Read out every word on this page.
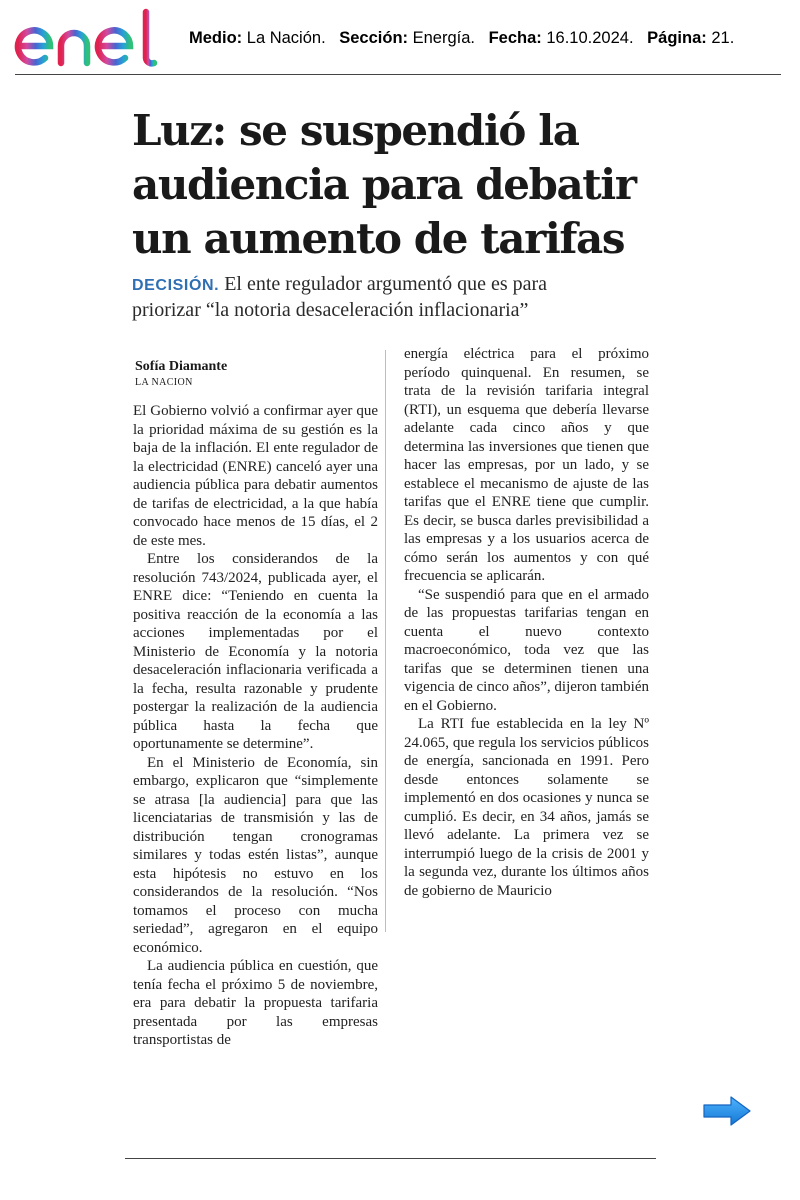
Medio: La Nación. Sección: Energía. Fecha: 16.10.2024. Página: 21.
Luz: se suspendió la
audiencia para debatir
un aumento de tarifas
DECISIÓN. El ente regulador argumentó que es para
priorizar “la notoria desaceleración inflacionaria”
Sofía Diamante
LA NACION

El Gobierno volvió a confirmar ayer que la prioridad máxima de su gestión es la baja de la inflación. El ente regulador de la electricidad (ENRE) canceló ayer una audiencia pública para debatir aumentos de tarifas de electricidad, a la que había convocado hace menos de 15 días, el 2 de este mes.

Entre los considerandos de la resolución 743/2024, publicada ayer, el ENRE dice: “Teniendo en cuenta la positiva reacción de la economía a las acciones implementadas por el Ministerio de Economía y la notoria desaceleración inflacionaria verificada a la fecha, resulta razonable y prudente postergar la realización de la audiencia pública hasta la fecha que oportunamente se determine”.

En el Ministerio de Economía, sin embargo, explicaron que “simplemente se atrasa [la audiencia] para que las licenciatarias de transmisión y las de distribución tengan cronogramas similares y todas estén listas”, aunque esta hipótesis no estuvo en los considerandos de la resolución. “Nos tomamos el proceso con mucha seriedad”, agregaron en el equipo económico.

La audiencia pública en cuestión, que tenía fecha el próximo 5 de noviembre, era para debatir la propuesta tarifaria presentada por las empresas transportistas de

energía eléctrica para el próximo período quinquenal. En resumen, se trata de la revisión tarifaria integral (RTI), un esquema que debería llevarse adelante cada cinco años y que determina las inversiones que tienen que hacer las empresas, por un lado, y se establece el mecanismo de ajuste de las tarifas que el ENRE tiene que cumplir. Es decir, se busca darles previsibilidad a las empresas y a los usuarios acerca de cómo serán los aumentos y con qué frecuencia se aplicarán.

“Se suspendió para que en el armado de las propuestas tarifarias tengan en cuenta el nuevo contexto macroeconómico, toda vez que las tarifas que se determinen tienen una vigencia de cinco años”, dijeron también en el Gobierno.

La RTI fue establecida en la ley Nº 24.065, que regula los servicios públicos de energía, sancionada en 1991. Pero desde entonces solamente se implementó en dos ocasiones y nunca se cumplió. Es decir, en 34 años, jamás se llevó adelante. La primera vez se interrumpió luego de la crisis de 2001 y la segunda vez, durante los últimos años de gobierno de Mauricio
